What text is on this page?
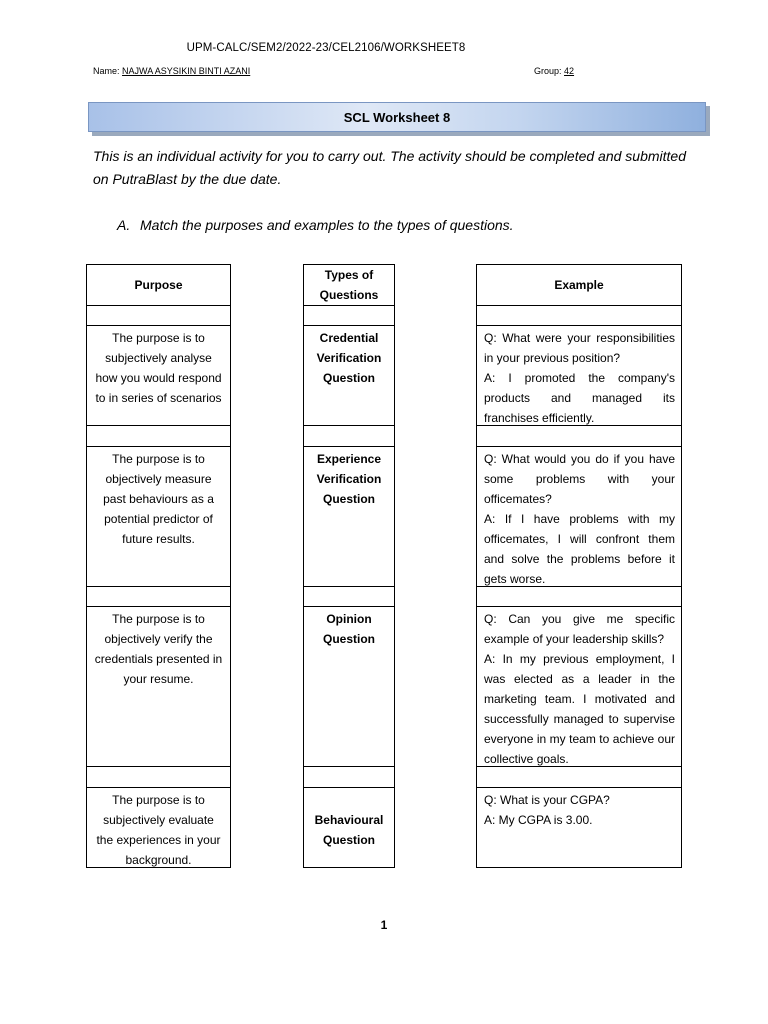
UPM-CALC/SEM2/2022-23/CEL2106/WORKSHEET8
Name: NAJWA ASYSIKIN BINTI AZANI	Group: 42
SCL Worksheet 8
This is an individual activity for you to carry out. The activity should be completed and submitted on PutraBlast by the due date.
A. Match the purposes and examples to the types of questions.
Purpose
Types of
Questions
Example
The purpose is to
subjectively analyse
how you would respond
to in series of scenarios
Credential
Verification
Question
Q: What were your responsibilities in your previous position?
A: I promoted the company's products and managed its franchises efficiently.
The purpose is to
objectively measure
past behaviours as a
potential predictor of
future results.
Experience
Verification
Question
Q: What would you do if you have some problems with your officemates?
A: If I have problems with my officemates, I will confront them and solve the problems before it gets worse.
The purpose is to
objectively verify the
credentials presented in
your resume.
Opinion
Question
Q: Can you give me specific example of your leadership skills?
A: In my previous employment, I was elected as a leader in the marketing team. I motivated and successfully managed to supervise everyone in my team to achieve our collective goals.
The purpose is to
subjectively evaluate
the experiences in your
background.
Behavioural
Question
Q: What is your CGPA?
A: My CGPA is 3.00.
1
